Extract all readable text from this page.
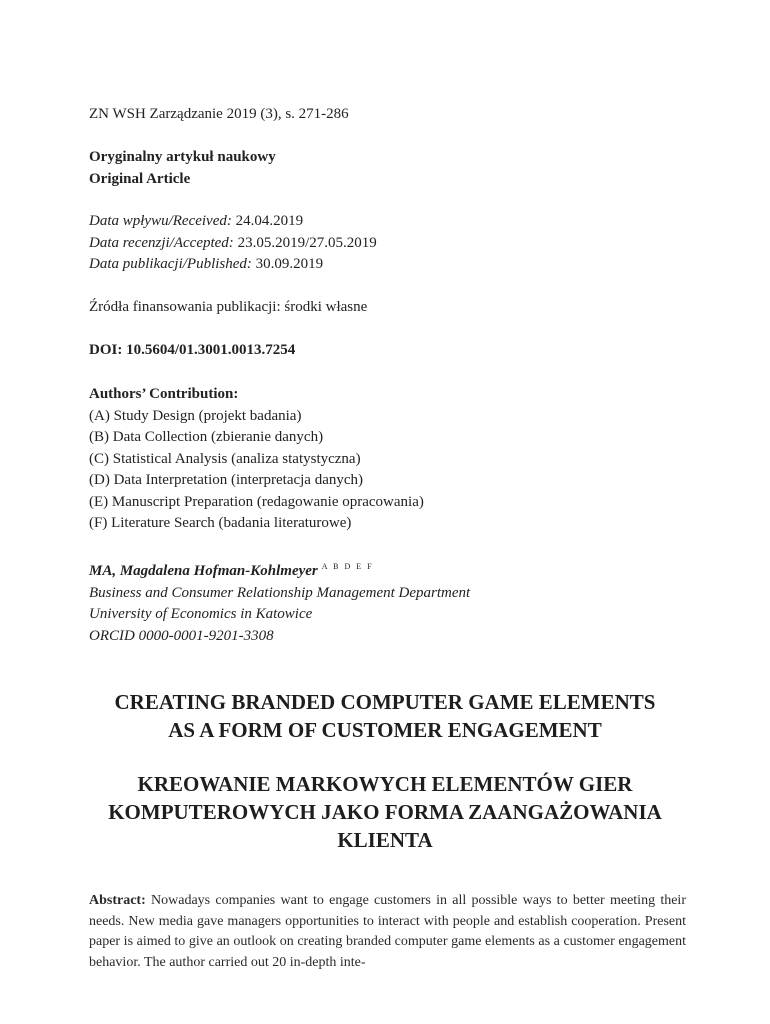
ZN WSH Zarządzanie 2019 (3), s. 271-286
Oryginalny artykuł naukowy
Original Article
Data wpływu/Received: 24.04.2019
Data recenzji/Accepted: 23.05.2019/27.05.2019
Data publikacji/Published: 30.09.2019
Źródła finansowania publikacji: środki własne
DOI: 10.5604/01.3001.0013.7254
Authors’ Contribution:
(A) Study Design (projekt badania)
(B) Data Collection (zbieranie danych)
(C) Statistical Analysis (analiza statystyczna)
(D) Data Interpretation (interpretacja danych)
(E) Manuscript Preparation (redagowanie opracowania)
(F) Literature Search (badania literaturowe)
MA, Magdalena Hofman-Kohlmeyer $^{A B D E F}$
Business and Consumer Relationship Management Department
University of Economics in Katowice
ORCID 0000-0001-9201-3308
CREATING BRANDED COMPUTER GAME ELEMENTS
AS A FORM OF CUSTOMER ENGAGEMENT
KREOWANIE MARKOWYCH ELEMENTÓW GIER
KOMPUTEROWYCH JAKO FORMA ZAANGAŻOWANIA
KLIENTA
Abstract: Nowadays companies want to engage customers in all possible ways to better meeting their needs. New media gave managers opportunities to interact with people and establish cooperation. Present paper is aimed to give an outlook on creating branded computer game elements as a customer engagement behavior. The author carried out 20 in-depth inte-
